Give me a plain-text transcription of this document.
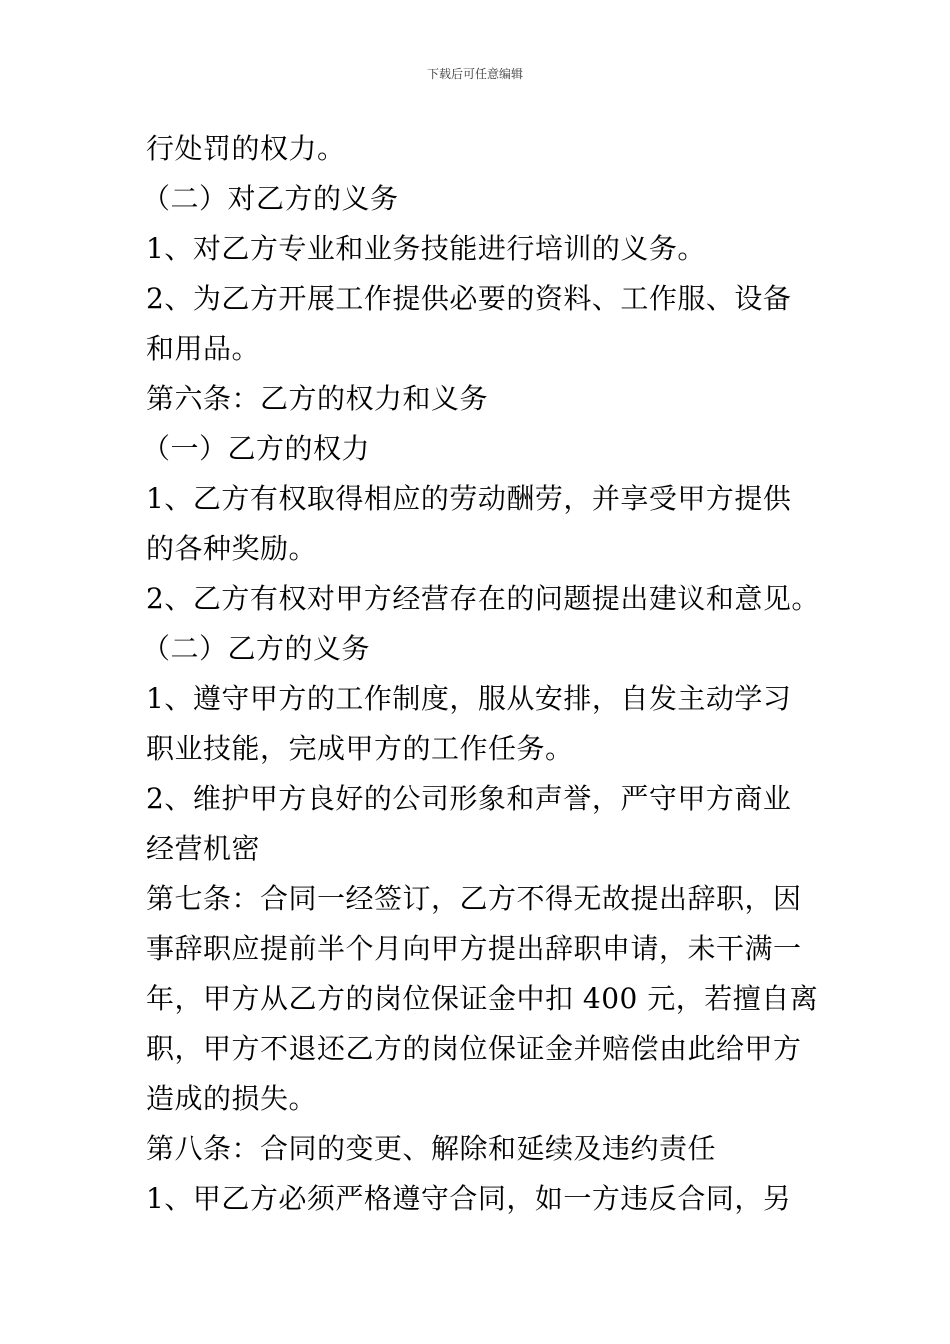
下载后可任意编辑
行处罚的权力。
（二）对乙方的义务
1、对乙方专业和业务技能进行培训的义务。
2、为乙方开展工作提供必要的资料、工作服、设备
和用品。
第六条：乙方的权力和义务
（一）乙方的权力
1、乙方有权取得相应的劳动酬劳，并享受甲方提供
的各种奖励。
2、乙方有权对甲方经营存在的问题提出建议和意见。
（二）乙方的义务
1、遵守甲方的工作制度，服从安排，自发主动学习
职业技能，完成甲方的工作任务。
2、维护甲方良好的公司形象和声誉，严守甲方商业
经营机密
第七条：合同一经签订，乙方不得无故提出辞职，因
事辞职应提前半个月向甲方提出辞职申请，未干满一
年，甲方从乙方的岗位保证金中扣 400 元，若擅自离
职，甲方不退还乙方的岗位保证金并赔偿由此给甲方
造成的损失。
第八条：合同的变更、解除和延续及违约责任
1、甲乙方必须严格遵守合同，如一方违反合同，另
